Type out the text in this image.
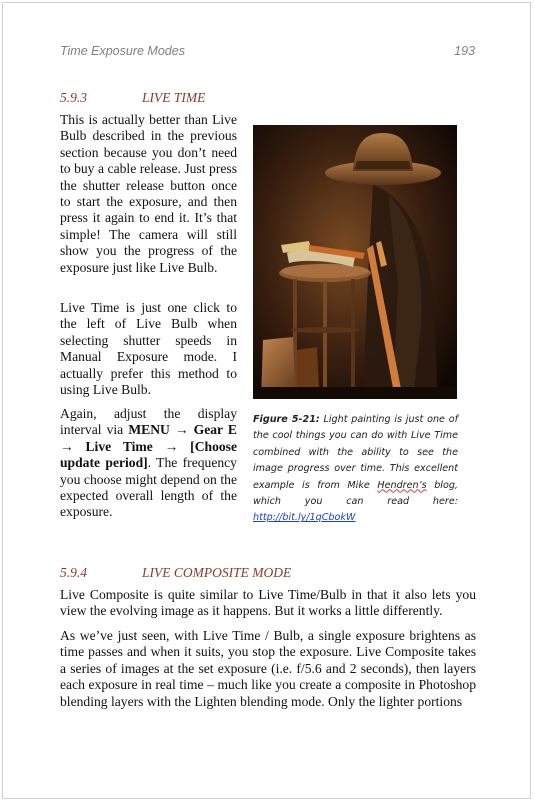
Time Exposure Modes	193
5.9.3	LIVE TIME

This is actually better than Live Bulb described in the previous section because you don’t need to buy a cable release. Just press the shutter release button once to start the exposure, and then press it again to end it. It’s that simple! The camera will still show you the progress of the exposure just like Live Bulb.

Live Time is just one click to the left of Live Bulb when selecting shutter speeds in Manual Exposure mode. I actually prefer this method to using Live Bulb.

Again, adjust the display interval via MENU → Gear E → Live Time → [Choose update period]. The frequency you choose might depend on the expected overall length of the exposure.

Figure 5-21: Light painting is just one of the cool things you can do with Live Time combined with the ability to see the image progress over time. This excellent example is from Mike Hendren’s blog, which you can read here: http://bit.ly/1qCbokW

5.9.4	LIVE COMPOSITE MODE

Live Composite is quite similar to Live Time/Bulb in that it also lets you view the evolving image as it happens. But it works a little differently.

As we’ve just seen, with Live Time / Bulb, a single exposure brightens as time passes and when it suits, you stop the exposure. Live Composite takes a series of images at the set exposure (i.e. f/5.6 and 2 seconds), then layers each exposure in real time – much like you create a composite in Photoshop blending layers with the Lighten blending mode. Only the lighter portions
